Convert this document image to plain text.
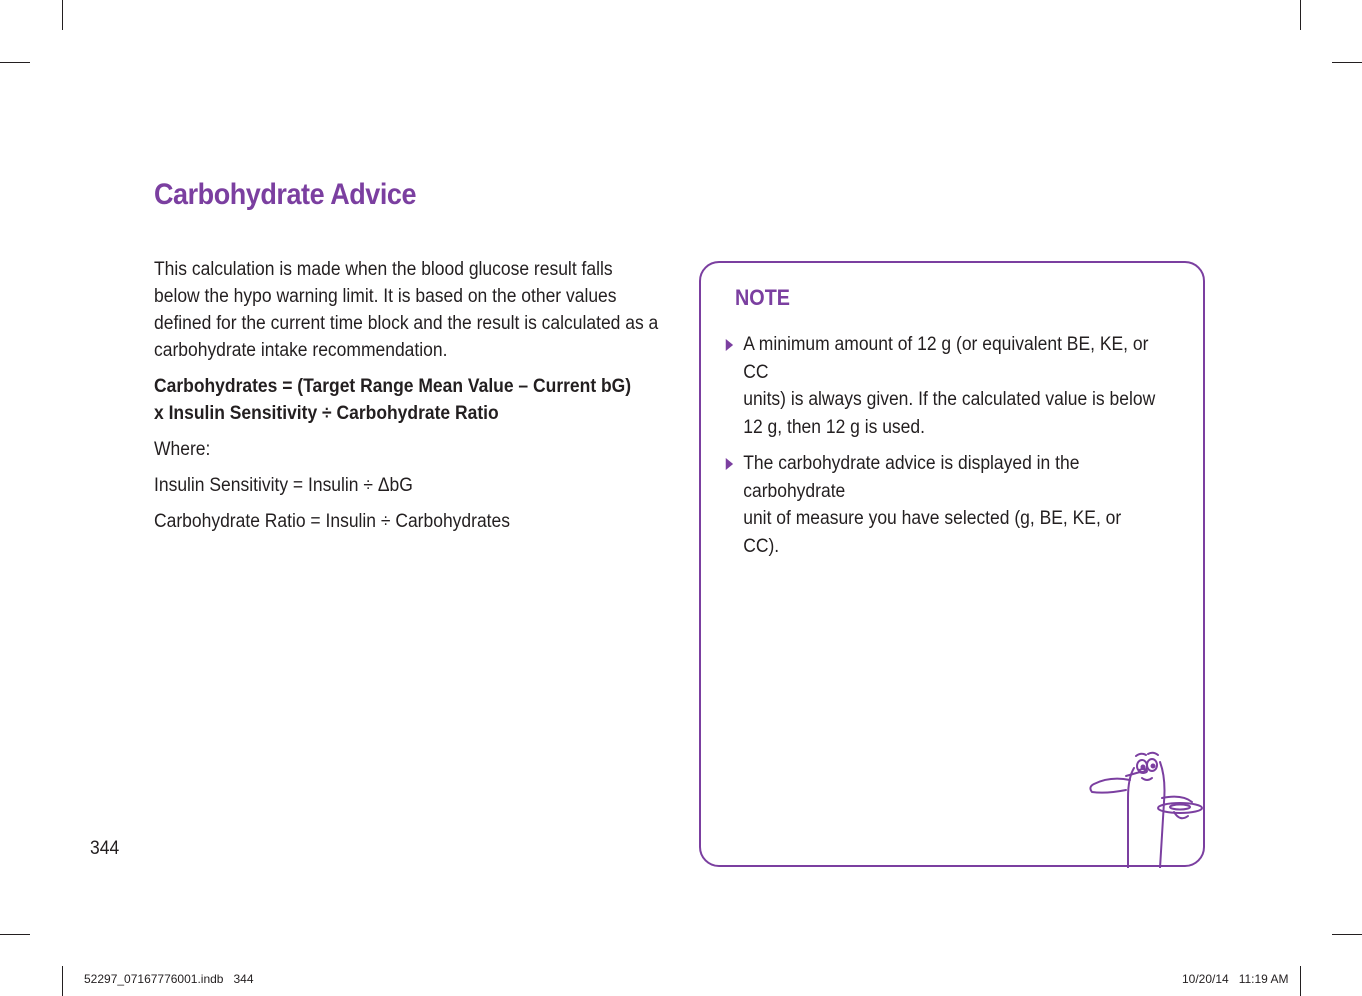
Carbohydrate Advice

This calculation is made when the blood glucose result falls
below the hypo warning limit. It is based on the other values
defined for the current time block and the result is calculated as a
carbohydrate intake recommendation.

Carbohydrates = (Target Range Mean Value – Current bG)
x Insulin Sensitivity ÷ Carbohydrate Ratio

Where:

Insulin Sensitivity = Insulin ÷ ΔbG

Carbohydrate Ratio = Insulin ÷ Carbohydrates

344
NOTE
A minimum amount of 12 g (or equivalent BE, KE, or CC
units) is always given. If the calculated value is below
12 g, then 12 g is used.
The carbohydrate advice is displayed in the carbohydrate
unit of measure you have selected (g, BE, KE, or CC).
52297_07167776001.indb   344	10/20/14   11:19 AM
